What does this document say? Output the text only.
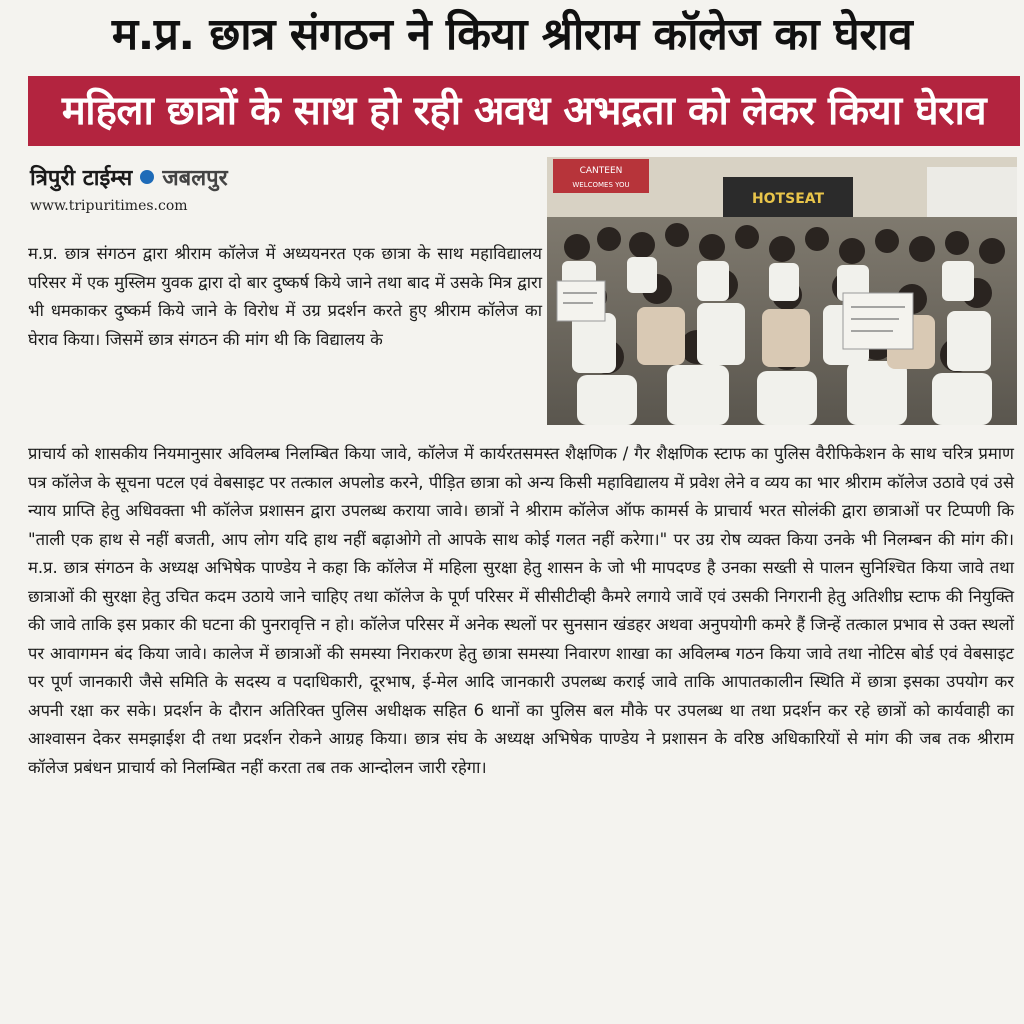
म.प्र. छात्र संगठन ने किया श्रीराम कॉलेज का घेराव
महिला छात्रों के साथ हो रही अवध अभद्रता को लेकर किया घेराव
त्रिपुरी टाईम्स जबलपुर
www.tripuritimes.com
CANTEEN
WELCOMES YOU
HOTSEAT
म.प्र. छात्र संगठन द्वारा श्रीराम कॉलेज में अध्ययनरत एक छात्रा के साथ महाविद्यालय परिसर में एक मुस्लिम युवक द्वारा दो बार दुष्कर्ष किये जाने तथा बाद में उसके मित्र द्वारा भी धमकाकर दुष्कर्म किये जाने के विरोध में उग्र प्रदर्शन करते हुए श्रीराम कॉलेज का घेराव किया। जिसमें छात्र संगठन की मांग थी कि विद्यालय के
प्राचार्य को शासकीय नियमानुसार अविलम्ब निलम्बित किया जावे, कॉलेज में कार्यरतसमस्त शैक्षणिक / गैर शैक्षणिक स्टाफ का पुलिस वैरीफिकेशन के साथ चरित्र प्रमाण पत्र कॉलेज के सूचना पटल एवं वेबसाइट पर तत्काल अपलोड करने, पीड़ित छात्रा को अन्य किसी महाविद्यालय में प्रवेश लेने व व्यय का भार श्रीराम कॉलेज उठावे एवं उसे न्याय प्राप्ति हेतु अधिवक्ता भी कॉलेज प्रशासन द्वारा उपलब्ध कराया जावे। छात्रों ने श्रीराम कॉलेज ऑफ कामर्स के प्राचार्य भरत सोलंकी द्वारा छात्राओं पर टिप्पणी कि "ताली एक हाथ से नहीं बजती, आप लोग यदि हाथ नहीं बढ़ाओगे तो आपके साथ कोई गलत नहीं करेगा।" पर उग्र रोष व्यक्त किया उनके भी निलम्बन की मांग की। म.प्र. छात्र संगठन के अध्यक्ष अभिषेक पाण्डेय ने कहा कि कॉलेज में महिला सुरक्षा हेतु शासन के जो भी मापदण्ड है उनका सख्ती से पालन सुनिश्चित किया जावे तथा छात्राओं की सुरक्षा हेतु उचित कदम उठाये जाने चाहिए तथा कॉलेज के पूर्ण परिसर में सीसीटीव्ही कैमरे लगाये जावें एवं उसकी निगरानी हेतु अतिशीघ्र स्टाफ की नियुक्ति की जावे ताकि इस प्रकार की घटना की पुनरावृत्ति न हो। कॉलेज परिसर में अनेक स्थलों पर सुनसान खंडहर अथवा अनुपयोगी कमरे हैं जिन्हें तत्काल प्रभाव से उक्त स्थलों पर आवागमन बंद किया जावे। कालेज में छात्राओं की समस्या निराकरण हेतु छात्रा समस्या निवारण शाखा का अविलम्ब गठन किया जावे तथा नोटिस बोर्ड एवं वेबसाइट पर पूर्ण जानकारी जैसे समिति के सदस्य व पदाधिकारी, दूरभाष, ई-मेल आदि जानकारी उपलब्ध कराई जावे ताकि आपातकालीन स्थिति में छात्रा इसका उपयोग कर अपनी रक्षा कर सके। प्रदर्शन के दौरान अतिरिक्त पुलिस अधीक्षक सहित 6 थानों का पुलिस बल मौके पर उपलब्ध था तथा प्रदर्शन कर रहे छात्रों को कार्यवाही का आश्वासन देकर समझाईश दी तथा प्रदर्शन रोकने आग्रह किया। छात्र संघ के अध्यक्ष अभिषेक पाण्डेय ने प्रशासन के वरिष्ठ अधिकारियों से मांग की जब तक श्रीराम कॉलेज प्रबंधन प्राचार्य को निलम्बित नहीं करता तब तक आन्दोलन जारी रहेगा।
